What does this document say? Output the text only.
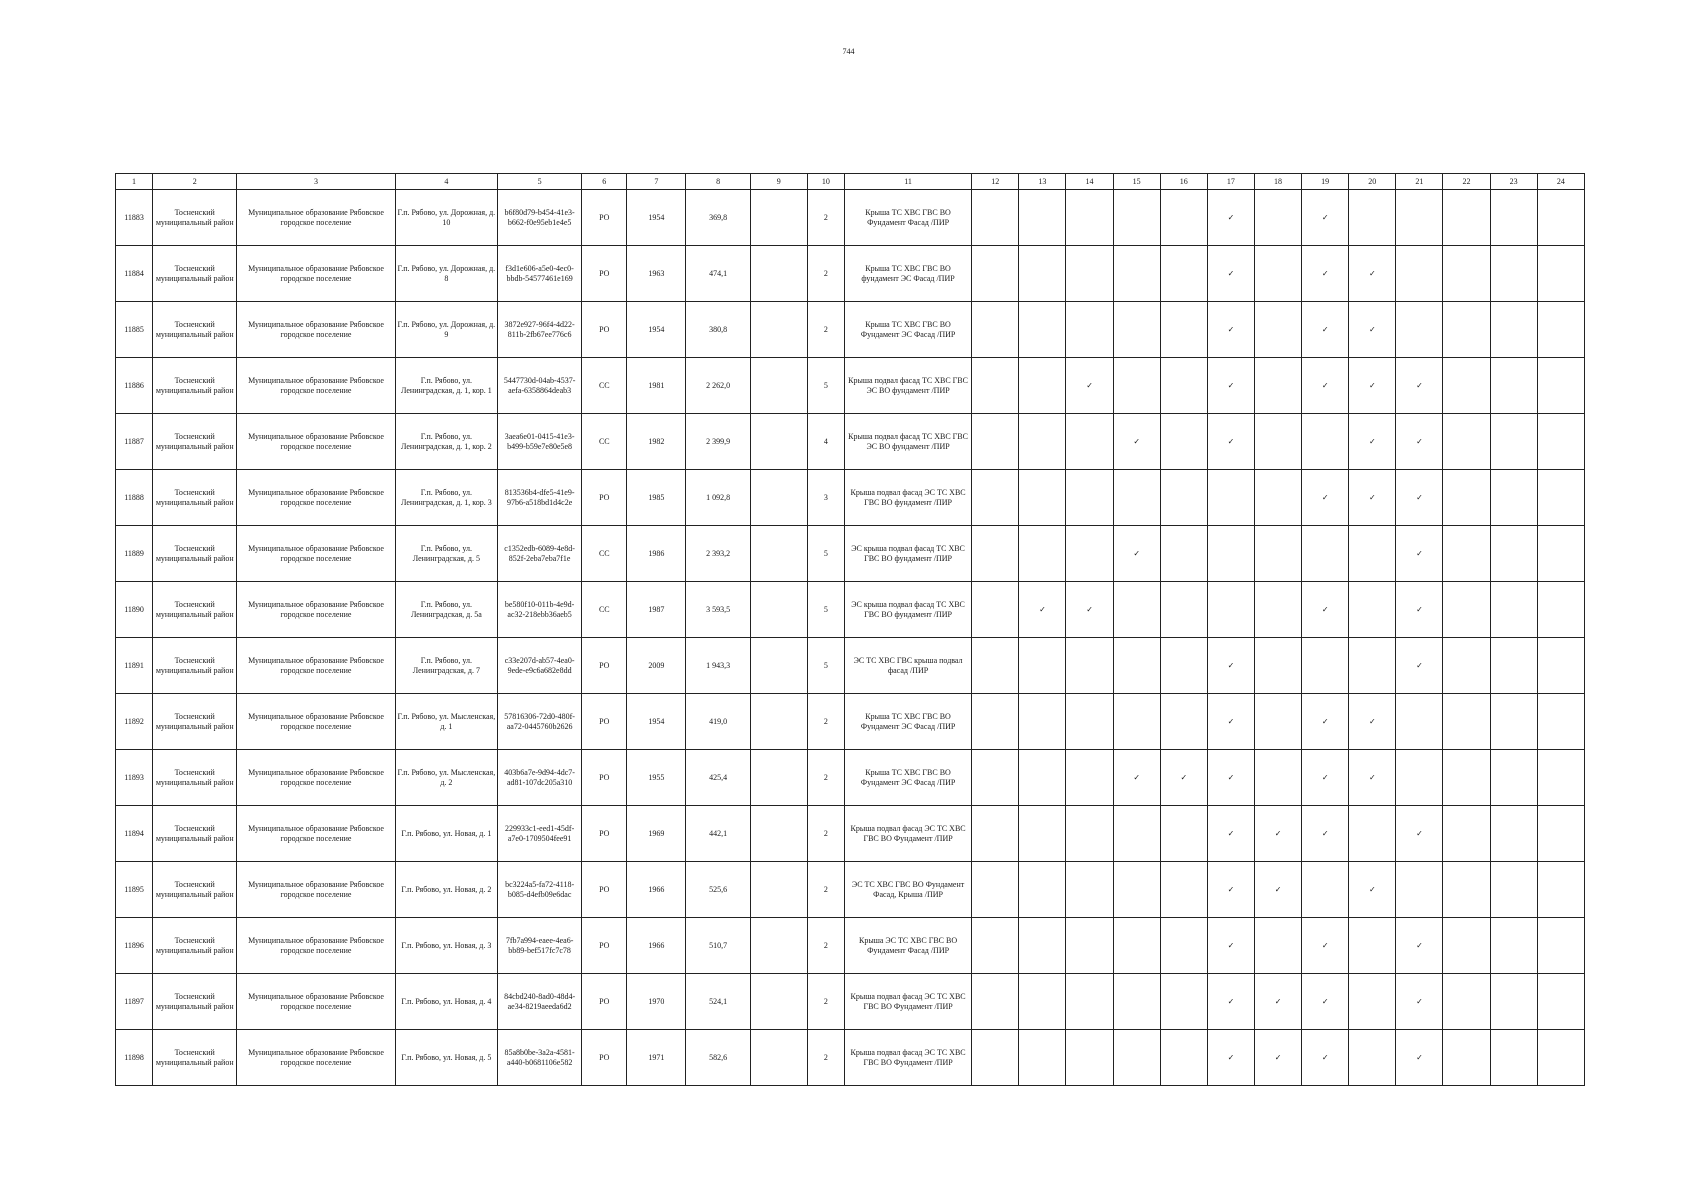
744
1	2	3	4	5	6	7	8	9	10	11	12	13	14	15	16	17	18	19	20	21	22	23	24
11883	Тосненский муниципальный район	Муниципальное образование Рябовское городское поселение	Г.п. Рябово, ул. Дорожная, д. 10	b6f80d79-b454-41e3-b662-f0e95eb1e4e5	РО	1954	369,8		2	Крыша ТС ХВС ГВС ВО Фундамент Фасад /ПИР						✓		✓					
11884	Тосненский муниципальный район	Муниципальное образование Рябовское городское поселение	Г.п. Рябово, ул. Дорожная, д. 8	f3d1e606-a5e0-4ec0-bbdb-54577461e169	РО	1963	474,1		2	Крыша ТС ХВС ГВС ВО фундамент ЭС Фасад /ПИР						✓		✓	✓				
11885	Тосненский муниципальный район	Муниципальное образование Рябовское городское поселение	Г.п. Рябово, ул. Дорожная, д. 9	3872e927-96f4-4d22-811b-2fb67ee776c6	РО	1954	380,8		2	Крыша ТС ХВС ГВС ВО Фундамент ЭС Фасад /ПИР						✓		✓	✓				
11886	Тосненский муниципальный район	Муниципальное образование Рябовское городское поселение	Г.п. Рябово, ул. Ленинградская, д. 1, кор. 1	5447730d-04ab-4537-aefa-6358864deab3	СС	1981	2 262,0		5	Крыша подвал фасад ТС ХВС ГВС ЭС ВО фундамент /ПИР			✓			✓		✓	✓	✓			
11887	Тосненский муниципальный район	Муниципальное образование Рябовское городское поселение	Г.п. Рябово, ул. Ленинградская, д. 1, кор. 2	3aeа6e01-0415-41e3-b499-b59e7e80e5e8	СС	1982	2 399,9		4	Крыша подвал фасад ТС ХВС ГВС ЭС ВО фундамент /ПИР				✓		✓			✓	✓			
11888	Тосненский муниципальный район	Муниципальное образование Рябовское городское поселение	Г.п. Рябово, ул. Ленинградская, д. 1, кор. 3	813536b4-dfe5-41e9-97b6-a518bd1d4c2e	РО	1985	1 092,8		3	Крыша подвал фасад ЭС ТС ХВС ГВС ВО фундамент /ПИР								✓	✓	✓			
11889	Тосненский муниципальный район	Муниципальное образование Рябовское городское поселение	Г.п. Рябово, ул. Ленинградская, д. 5	c1352edb-6089-4e8d-852f-2eba7eba7f1e	СС	1986	2 393,2		5	ЭС крыша подвал фасад ТС ХВС ГВС ВО фундамент /ПИР				✓						✓			
11890	Тосненский муниципальный район	Муниципальное образование Рябовское городское поселение	Г.п. Рябово, ул. Ленинградская, д. 5а	be580f10-011b-4e9d-ac32-218ebb36aeb5	СС	1987	3 593,5		5	ЭС крыша подвал фасад ТС ХВС ГВС ВО фундамент /ПИР		✓	✓					✓		✓			
11891	Тосненский муниципальный район	Муниципальное образование Рябовское городское поселение	Г.п. Рябово, ул. Ленинградская, д. 7	c33e207d-ab57-4ea0-9ede-e9c6a682e8dd	РО	2009	1 943,3		5	ЭС ТС ХВС ГВС крыша подвал фасад /ПИР						✓				✓			
11892	Тосненский муниципальный район	Муниципальное образование Рябовское городское поселение	Г.п. Рябово, ул. Мысленская, д. 1	57816306-72d0-480f-aa72-0445760b2626	РО	1954	419,0		2	Крыша ТС ХВС ГВС ВО Фундамент ЭС Фасад /ПИР						✓		✓	✓				
11893	Тосненский муниципальный район	Муниципальное образование Рябовское городское поселение	Г.п. Рябово, ул. Мысленская, д. 2	403b6a7e-9d94-4dc7-ad81-107dc205a310	РО	1955	425,4		2	Крыша ТС ХВС ГВС ВО Фундамент ЭС Фасад /ПИР				✓	✓	✓		✓	✓				
11894	Тосненский муниципальный район	Муниципальное образование Рябовское городское поселение	Г.п. Рябово, ул. Новая, д. 1	229933c1-eed1-45df-a7e0-1709504fee91	РО	1969	442,1		2	Крыша подвал фасад ЭС ТС ХВС ГВС ВО Фундамент /ПИР						✓	✓	✓		✓			
11895	Тосненский муниципальный район	Муниципальное образование Рябовское городское поселение	Г.п. Рябово, ул. Новая, д. 2	bc3224a5-fa72-4118-b085-d4efb09e6dac	РО	1966	525,6		2	ЭС ТС ХВС ГВС ВО Фундамент Фасад, Крыша /ПИР						✓	✓		✓				
11896	Тосненский муниципальный район	Муниципальное образование Рябовское городское поселение	Г.п. Рябово, ул. Новая, д. 3	7fb7a994-eaee-4ea6-bb89-bef517fc7c78	РО	1966	510,7		2	Крыша ЭС ТС ХВС ГВС ВО Фундамент Фасад /ПИР						✓		✓		✓			
11897	Тосненский муниципальный район	Муниципальное образование Рябовское городское поселение	Г.п. Рябово, ул. Новая, д. 4	84cbd240-8ad0-48d4-ae34-8219aeeda6d2	РО	1970	524,1		2	Крыша подвал фасад ЭС ТС ХВС ГВС ВО Фундамент /ПИР						✓	✓	✓		✓			
11898	Тосненский муниципальный район	Муниципальное образование Рябовское городское поселение	Г.п. Рябово, ул. Новая, д. 5	85a8b0be-3a2a-4581-a440-b0681106e582	РО	1971	582,6		2	Крыша подвал фасад ЭС ТС ХВС ГВС ВО Фундамент /ПИР						✓	✓	✓		✓			
